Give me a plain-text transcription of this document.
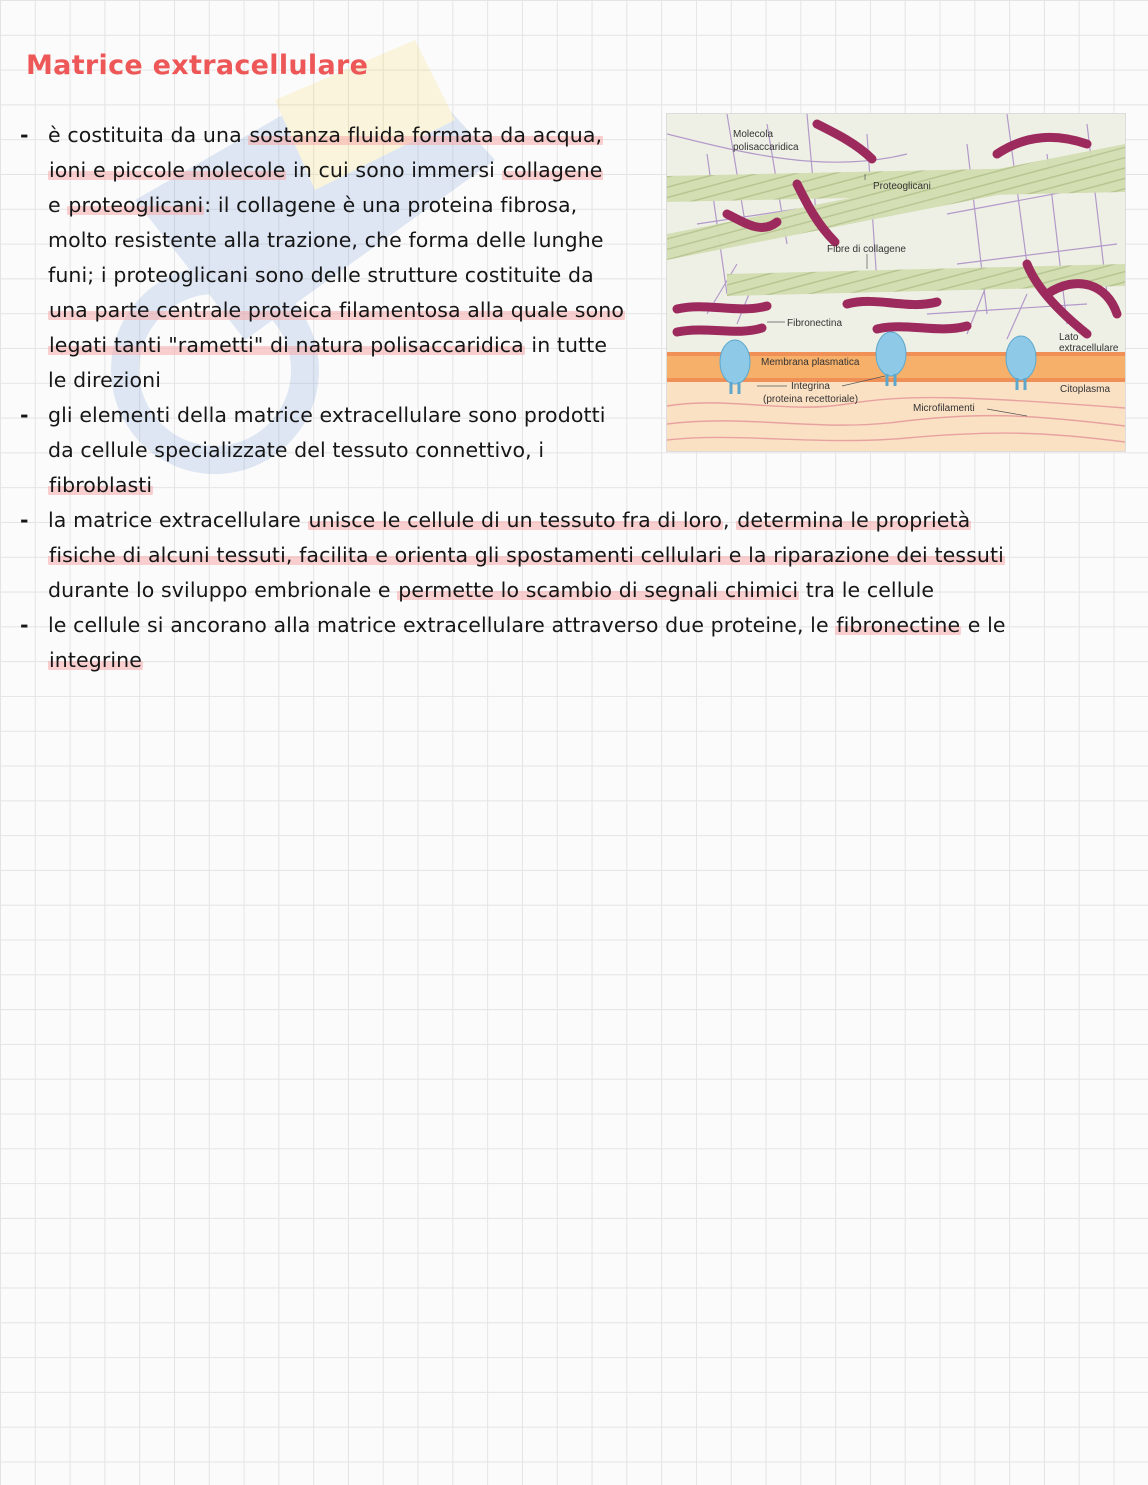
Matrice extracellulare
- è costituita da una sostanza fluida formata da acqua,
ioni e piccole molecole in cui sono immersi collagene
e proteoglicani: il collagene è una proteina fibrosa,
molto resistente alla trazione, che forma delle lunghe
funi; i proteoglicani sono delle strutture costituite da
una parte centrale proteica filamentosa alla quale sono
legati tanti "rametti" di natura polisaccaridica in tutte
le direzioni
- gli elementi della matrice extracellulare sono prodotti
da cellule specializzate del tessuto connettivo, i
fibroblasti
- la matrice extracellulare unisce le cellule di un tessuto fra di loro, determina le proprietà
fisiche di alcuni tessuti, facilita e orienta gli spostamenti cellulari e la riparazione dei tessuti
durante lo sviluppo embrionale e permette lo scambio di segnali chimici tra le cellule
- le cellule si ancorano alla matrice extracellulare attraverso due proteine, le fibronectine e le
integrine
Molecola
polisaccaridica
Proteoglicani
Fibre di collagene
Fibronectina
Lato
extracellulare
Membrana plasmatica
Integrina
(proteina recettoriale)
Citoplasma
Microfilamenti
